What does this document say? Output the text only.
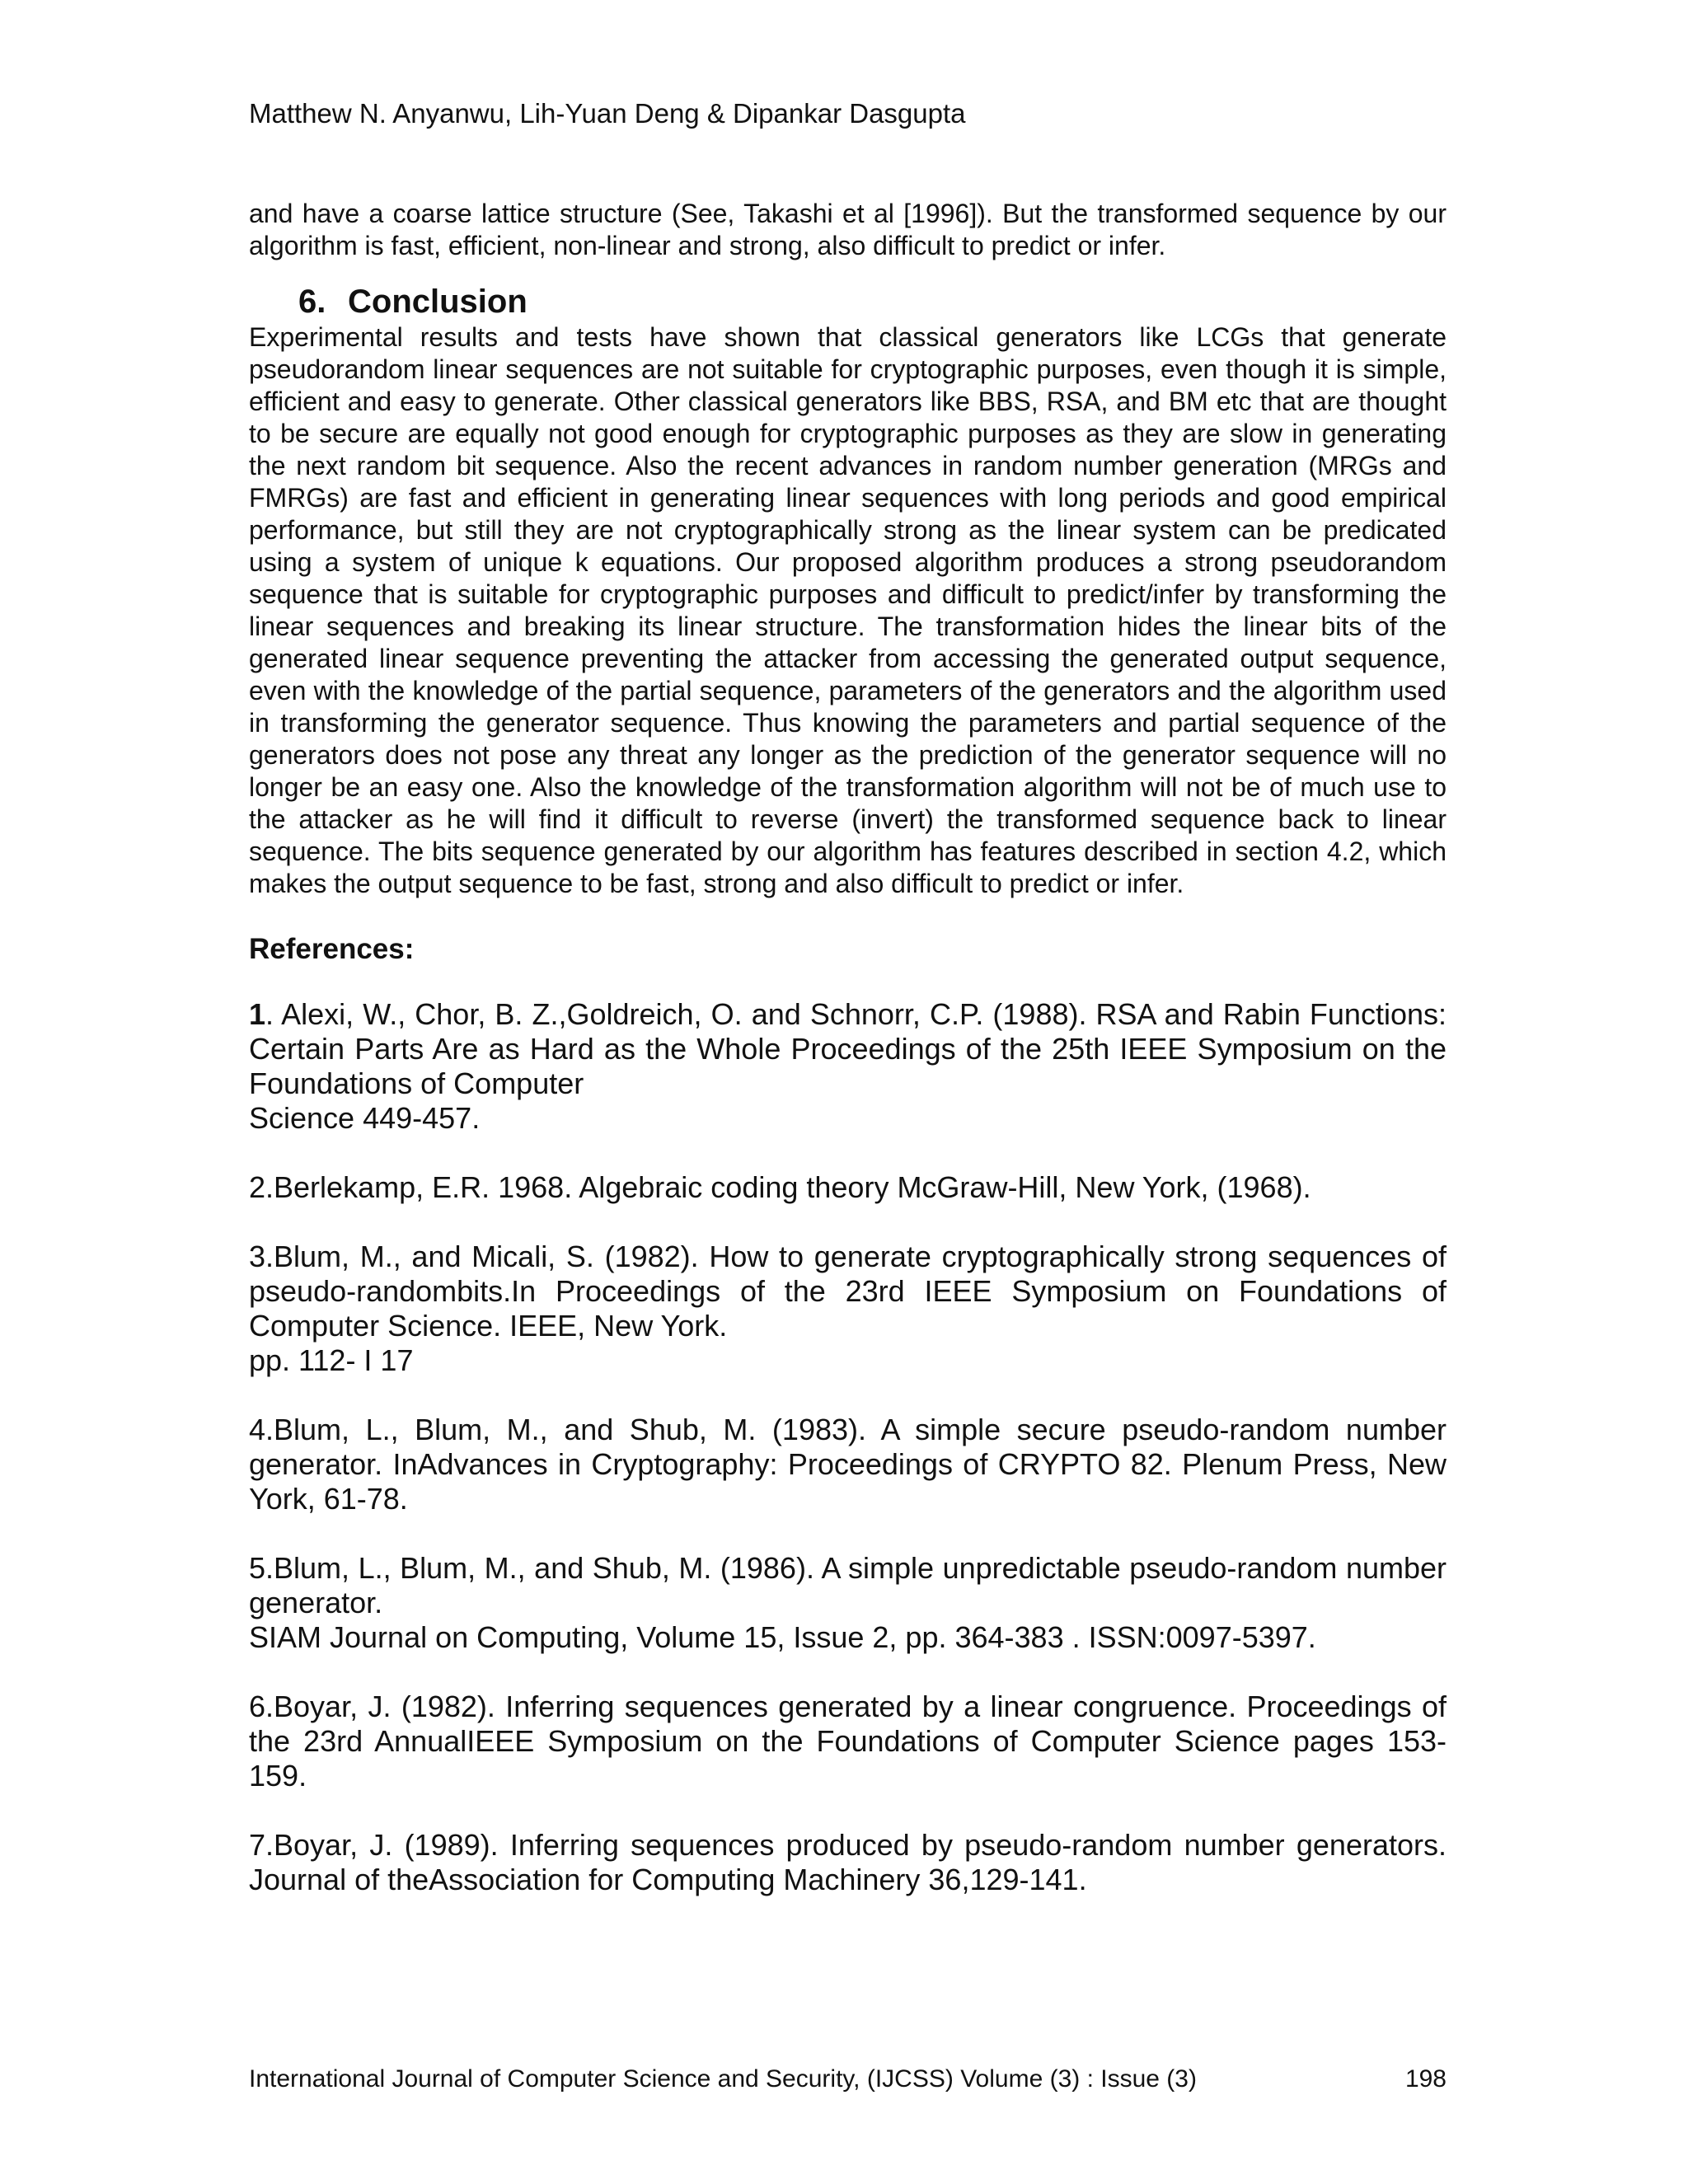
Matthew N. Anyanwu, Lih-Yuan Deng & Dipankar Dasgupta

and have a coarse lattice structure (See, Takashi et al [1996]). But the transformed sequence by our algorithm is fast, efficient, non-linear and strong, also difficult to predict or infer.

6. Conclusion

Experimental results and tests have shown that classical generators like LCGs that generate pseudorandom linear sequences are not suitable for cryptographic purposes, even though it is simple, efficient and easy to generate. Other classical generators like BBS, RSA, and BM etc that are thought to be secure are equally not good enough for cryptographic purposes as they are slow in generating the next random bit sequence. Also the recent advances in random number generation (MRGs and FMRGs) are fast and efficient in generating linear sequences with long periods and good empirical performance, but still they are not cryptographically strong as the linear system can be predicated using a system of unique k equations. Our proposed algorithm produces a strong pseudorandom sequence that is suitable for cryptographic purposes and difficult to predict/infer by transforming the linear sequences and breaking its linear structure. The transformation hides the linear bits of the generated linear sequence preventing the attacker from accessing the generated output sequence, even with the knowledge of the partial sequence, parameters of the generators and the algorithm used in transforming the generator sequence. Thus knowing the parameters and partial sequence of the generators does not pose any threat any longer as the prediction of the generator sequence will no longer be an easy one. Also the knowledge of the transformation algorithm will not be of much use to the attacker as he will find it difficult to reverse (invert) the transformed sequence back to linear sequence. The bits sequence generated by our algorithm has features described in section 4.2, which makes the output sequence to be fast, strong and also difficult to predict or infer.

References:
1. Alexi, W., Chor, B. Z.,Goldreich, O. and Schnorr, C.P. (1988). RSA and Rabin Functions: Certain Parts Are as Hard as the Whole Proceedings of the 25th IEEE Symposium on the Foundations of Computer
Science 449-457.
2.Berlekamp, E.R. 1968. Algebraic coding theory McGraw-Hill, New York, (1968).
3.Blum, M., and Micali, S. (1982). How to generate cryptographically strong sequences of pseudo-randombits.In Proceedings of the 23rd IEEE Symposium on Foundations of Computer Science. IEEE, New York.
pp. 112- I 17
4.Blum, L., Blum, M., and Shub, M. (1983). A simple secure pseudo-random number generator. InAdvances in Cryptography: Proceedings of CRYPTO 82. Plenum Press, New York, 61-78.
5.Blum, L., Blum, M., and Shub, M. (1986). A simple unpredictable pseudo-random number generator.
SIAM Journal on Computing, Volume 15, Issue 2, pp. 364-383 . ISSN:0097-5397.
6.Boyar, J. (1982). Inferring sequences generated by a linear congruence. Proceedings of the 23rd AnnualIEEE Symposium on the Foundations of Computer Science pages 153-159.
7.Boyar, J. (1989). Inferring sequences produced by pseudo-random number generators. Journal of theAssociation for Computing Machinery 36,129-141.
International Journal of Computer Science and Security, (IJCSS) Volume (3) : Issue (3)	198
